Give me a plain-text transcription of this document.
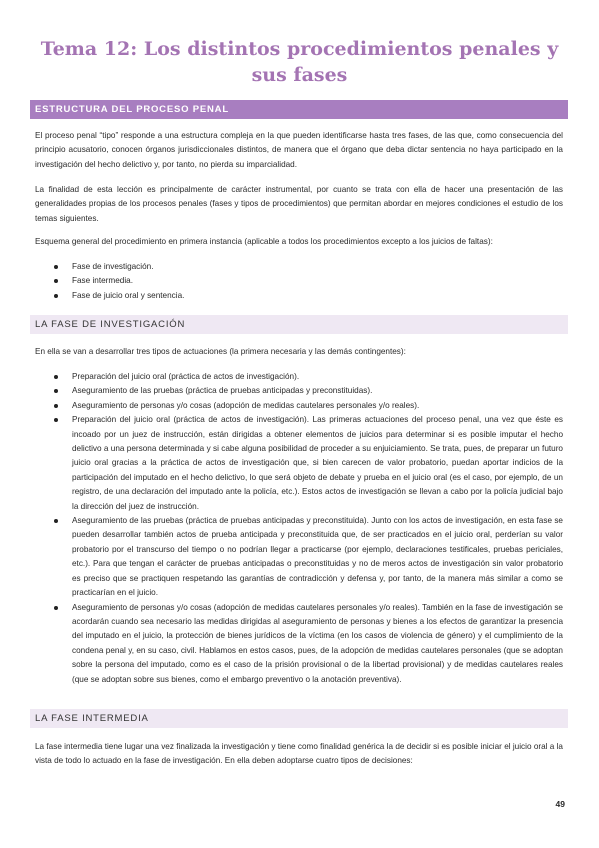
Tema 12: Los distintos procedimientos penales y sus fases
ESTRUCTURA DEL PROCESO PENAL

El proceso penal “tipo” responde a una estructura compleja en la que pueden identificarse hasta tres fases, de las que, como consecuencia del principio acusatorio, conocen órganos jurisdiccionales distintos, de manera que el órgano que deba dictar sentencia no haya participado en la investigación del hecho delictivo y, por tanto, no pierda su imparcialidad.

La finalidad de esta lección es principalmente de carácter instrumental, por cuanto se trata con ella de hacer una presentación de las generalidades propias de los procesos penales (fases y tipos de procedimientos) que permitan abordar en mejores condiciones el estudio de los temas siguientes.

Esquema general del procedimiento en primera instancia (aplicable a todos los procedimientos excepto a los juicios de faltas):

Fase de investigación.
Fase intermedia.
Fase de juicio oral y sentencia.
LA FASE DE INVESTIGACIÓN

En ella se van a desarrollar tres tipos de actuaciones (la primera necesaria y las demás contingentes):

Preparación del juicio oral (práctica de actos de investigación).
Aseguramiento de las pruebas (práctica de pruebas anticipadas y preconstituidas).
Aseguramiento de personas y/o cosas (adopción de medidas cautelares personales y/o reales).
Preparación del juicio oral (práctica de actos de investigación). Las primeras actuaciones del proceso penal, una vez que éste es incoado por un juez de instrucción, están dirigidas a obtener elementos de juicios para determinar si es posible imputar el hecho delictivo a una persona determinada y si cabe alguna posibilidad de proceder a su enjuiciamiento. Se trata, pues, de preparar un futuro juicio oral gracias a la práctica de actos de investigación que, si bien carecen de valor probatorio, puedan aportar indicios de la participación del imputado en el hecho delictivo, lo que será objeto de debate y prueba en el juicio oral (es el caso, por ejemplo, de un registro, de una declaración del imputado ante la policía, etc.). Estos actos de investigación se llevan a cabo por la policía judicial bajo la dirección del juez de instrucción.
Aseguramiento de las pruebas (práctica de pruebas anticipadas y preconstituida). Junto con los actos de investigación, en esta fase se pueden desarrollar también actos de prueba anticipada y preconstituida que, de ser practicados en el juicio oral, perderían su valor probatorio por el transcurso del tiempo o no podrían llegar a practicarse (por ejemplo, declaraciones testificales, pruebas periciales, etc.). Para que tengan el carácter de pruebas anticipadas o preconstituidas y no de meros actos de investigación sin valor probatorio es preciso que se practiquen respetando las garantías de contradicción y defensa y, por tanto, de la manera más similar a como se practicarían en el juicio.
Aseguramiento de personas y/o cosas (adopción de medidas cautelares personales y/o reales). También en la fase de investigación se acordarán cuando sea necesario las medidas dirigidas al aseguramiento de personas y bienes a los efectos de garantizar la presencia del imputado en el juicio, la protección de bienes jurídicos de la víctima (en los casos de violencia de género) y el cumplimiento de la condena penal y, en su caso, civil. Hablamos en estos casos, pues, de la adopción de medidas cautelares personales (que se adoptan sobre la persona del imputado, como es el caso de la prisión provisional o de la libertad provisional) y de medidas cautelares reales (que se adoptan sobre sus bienes, como el embargo preventivo o la anotación preventiva).
LA FASE INTERMEDIA

La fase intermedia tiene lugar una vez finalizada la investigación y tiene como finalidad genérica la de decidir si es posible iniciar el juicio oral a la vista de todo lo actuado en la fase de investigación. En ella deben adoptarse cuatro tipos de decisiones:

49
